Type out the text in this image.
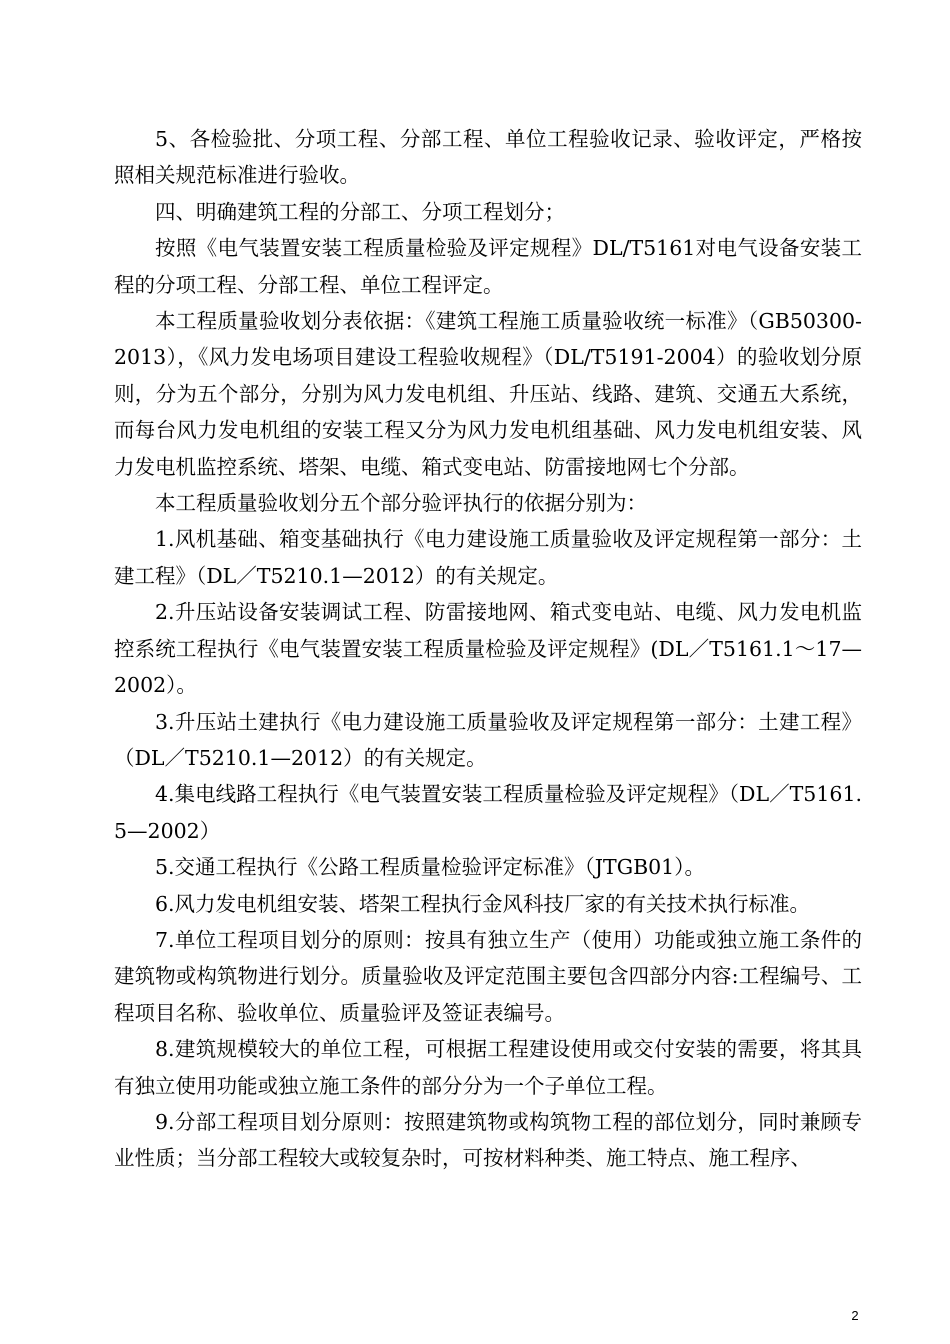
5、各检验批、分项工程、分部工程、单位工程验收记录、验收评定，严格按照相关规范标准进行验收。

四、明确建筑工程的分部工、分项工程划分；

按照《电气装置安装工程质量检验及评定规程》DL/T5161对电气设备安装工程的分项工程、分部工程、单位工程评定。

本工程质量验收划分表依据：《建筑工程施工质量验收统一标准》（GB50300-2013），《风力发电场项目建设工程验收规程》（DL/T5191-2004）的验收划分原则，分为五个部分，分别为风力发电机组、升压站、线路、建筑、交通五大系统，而每台风力发电机组的安装工程又分为风力发电机组基础、风力发电机组安装、风力发电机监控系统、塔架、电缆、箱式变电站、防雷接地网七个分部。

本工程质量验收划分五个部分验评执行的依据分别为：

1.风机基础、箱变基础执行《电力建设施工质量验收及评定规程第一部分：土建工程》（DL／T5210.1—2012）的有关规定。

2.升压站设备安装调试工程、防雷接地网、箱式变电站、电缆、风力发电机监控系统工程执行《电气装置安装工程质量检验及评定规程》(DL／T5161.1～17—2002）。

3.升压站土建执行《电力建设施工质量验收及评定规程第一部分：土建工程》（DL／T5210.1—2012）的有关规定。

4.集电线路工程执行《电气装置安装工程质量检验及评定规程》（DL／T5161.5—2002）

5.交通工程执行《公路工程质量检验评定标准》（JTGB01）。

6.风力发电机组安装、塔架工程执行金风科技厂家的有关技术执行标准。

7.单位工程项目划分的原则：按具有独立生产（使用）功能或独立施工条件的建筑物或构筑物进行划分。质量验收及评定范围主要包含四部分内容:工程编号、工程项目名称、验收单位、质量验评及签证表编号。

8.建筑规模较大的单位工程，可根据工程建设使用或交付安装的需要，将其具有独立使用功能或独立施工条件的部分分为一个子单位工程。

9.分部工程项目划分原则：按照建筑物或构筑物工程的部位划分，同时兼顾专业性质；当分部工程较大或较复杂时，可按材料种类、施工特点、施工程序、

2
